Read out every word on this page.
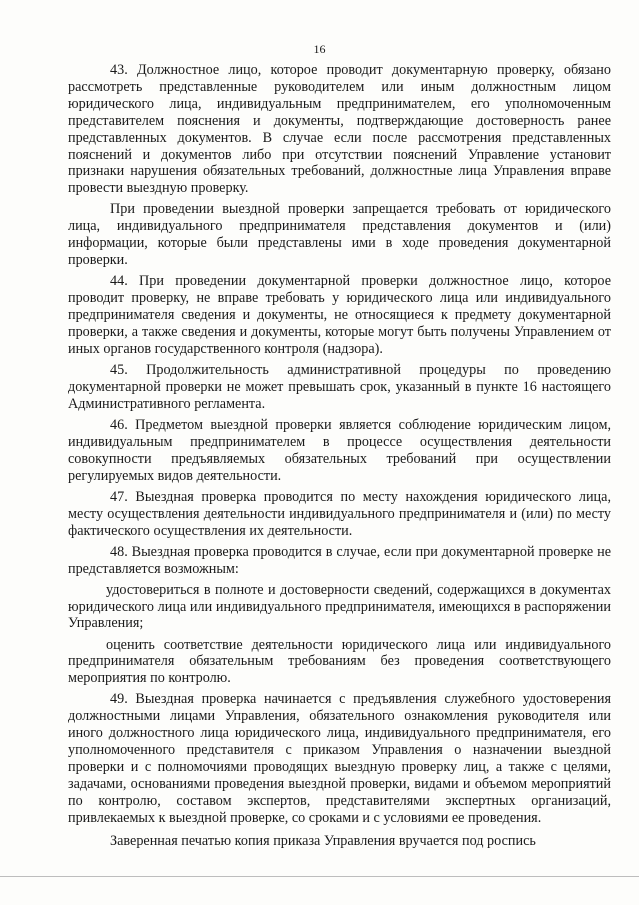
16

43. Должностное лицо, которое проводит документарную проверку, обязано рассмотреть представленные руководителем или иным должностным лицом юридического лица, индивидуальным предпринимателем, его уполномоченным представителем пояснения и документы, подтверждающие достоверность ранее представленных документов. В случае если после рассмотрения представленных пояснений и документов либо при отсутствии пояснений Управление установит признаки нарушения обязательных требований, должностные лица Управления вправе провести выездную проверку.

При проведении выездной проверки запрещается требовать от юридического лица, индивидуального предпринимателя представления документов и (или) информации, которые были представлены ими в ходе проведения документарной проверки.

44. При проведении документарной проверки должностное лицо, которое проводит проверку, не вправе требовать у юридического лица или индивидуального предпринимателя сведения и документы, не относящиеся к предмету документарной проверки, а также сведения и документы, которые могут быть получены Управлением от иных органов государственного контроля (надзора).

45. Продолжительность административной процедуры по проведению документарной проверки не может превышать срок, указанный в пункте 16 настоящего Административного регламента.

46. Предметом выездной проверки является соблюдение юридическим лицом, индивидуальным предпринимателем в процессе осуществления деятельности совокупности предъявляемых обязательных требований при осуществлении регулируемых видов деятельности.

47. Выездная проверка проводится по месту нахождения юридического лица, месту осуществления деятельности индивидуального предпринимателя и (или) по месту фактического осуществления их деятельности.

48. Выездная проверка проводится в случае, если при документарной проверке не представляется возможным:

удостовериться в полноте и достоверности сведений, содержащихся в документах юридического лица или индивидуального предпринимателя, имеющихся в распоряжении Управления;

оценить соответствие деятельности юридического лица или индивидуального предпринимателя обязательным требованиям без проведения соответствующего мероприятия по контролю.

49. Выездная проверка начинается с предъявления служебного удостоверения должностными лицами Управления, обязательного ознакомления руководителя или иного должностного лица юридического лица, индивидуального предпринимателя, его уполномоченного представителя с приказом Управления о назначении выездной проверки и с полномочиями проводящих выездную проверку лиц, а также с целями, задачами, основаниями проведения выездной проверки, видами и объемом мероприятий по контролю, составом экспертов, представителями экспертных организаций, привлекаемых к выездной проверке, со сроками и с условиями ее проведения.

Заверенная печатью копия приказа Управления вручается под роспись
